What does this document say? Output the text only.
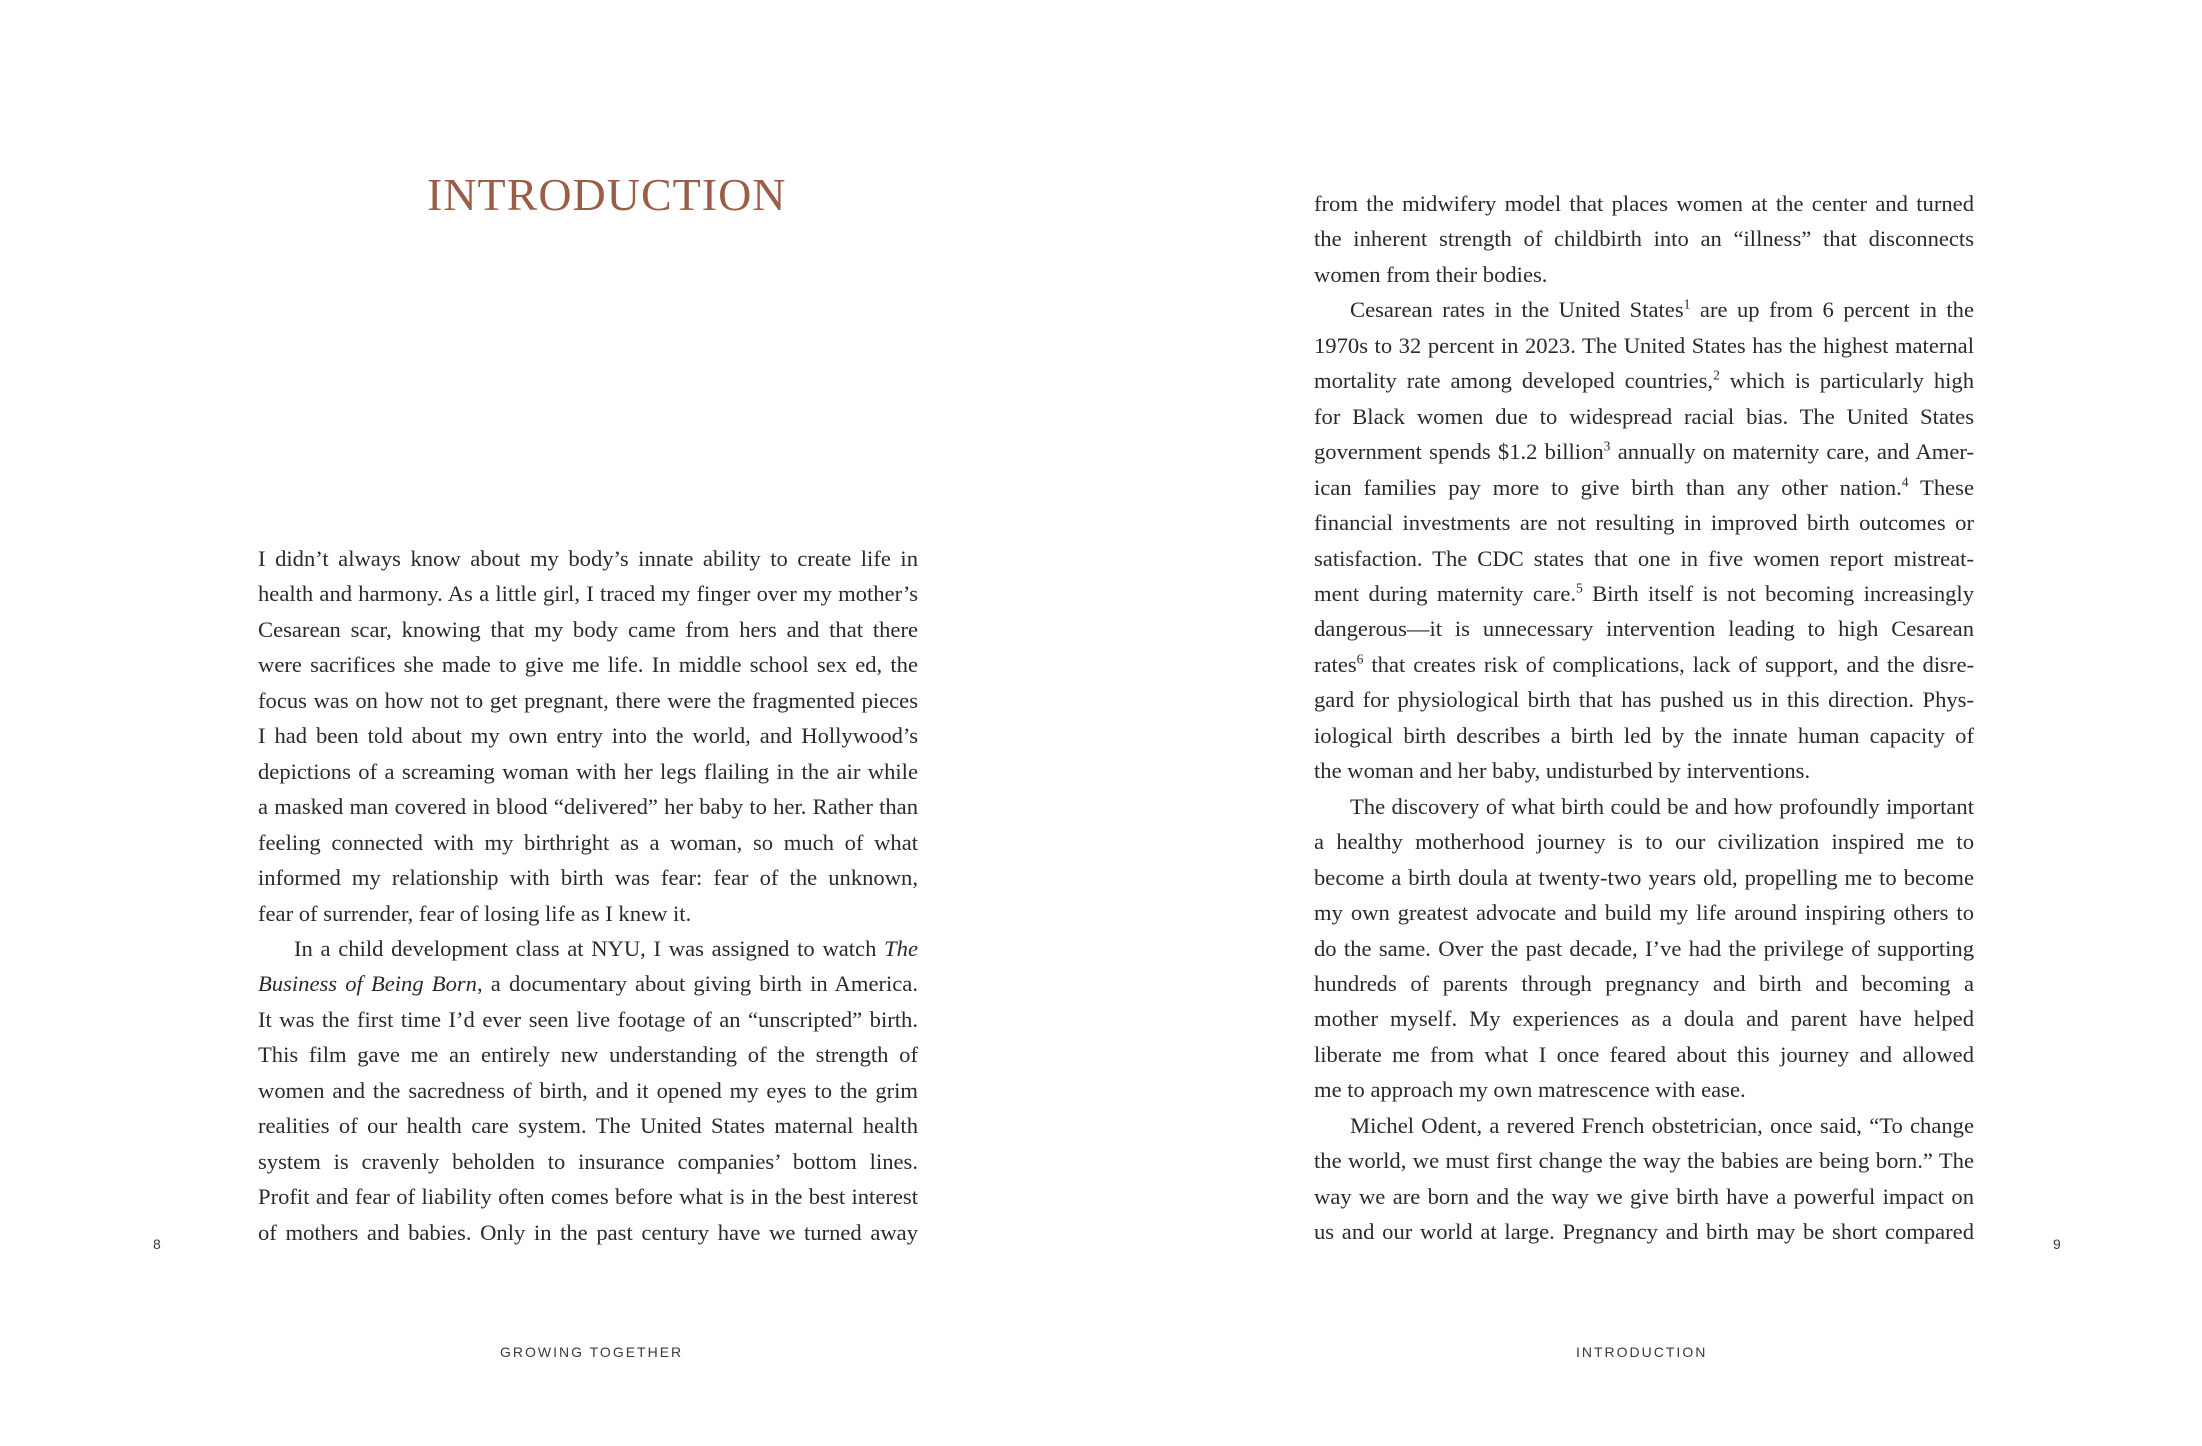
INTRODUCTION
I didn’t always know about my body’s innate ability to create life in
health and harmony. As a little girl, I traced my finger over my mother’s
Cesarean scar, knowing that my body came from hers and that there
were sacrifices she made to give me life. In middle school sex ed, the
focus was on how not to get pregnant, there were the fragmented pieces
I had been told about my own entry into the world, and Hollywood’s
depictions of a screaming woman with her legs flailing in the air while
a masked man covered in blood “delivered” her baby to her. Rather than
feeling connected with my birthright as a woman, so much of what
informed my relationship with birth was fear: fear of the unknown,
fear of surrender, fear of losing life as I knew it.
In a child development class at NYU, I was assigned to watch The
Business of Being Born, a documentary about giving birth in America.
It was the first time I’d ever seen live footage of an “unscripted” birth.
This film gave me an entirely new understanding of the strength of
women and the sacredness of birth, and it opened my eyes to the grim
realities of our health care system. The United States maternal health
system is cravenly beholden to insurance companies’ bottom lines.
Profit and fear of liability often comes before what is in the best interest
of mothers and babies. Only in the past century have we turned away

8

GROWING TOGETHER

from the midwifery model that places women at the center and turned
the inherent strength of childbirth into an “illness” that disconnects
women from their bodies.
Cesarean rates in the United States$^1$ are up from 6 percent in the
1970s to 32 percent in 2023. The United States has the highest maternal
mortality rate among developed countries,$^2$ which is particularly high
for Black women due to widespread racial bias. The United States
government spends $1.2 billion$^3$ annually on maternity care, and Amer-
ican families pay more to give birth than any other nation.$^4$ These
financial investments are not resulting in improved birth outcomes or
satisfaction. The CDC states that one in five women report mistreat-
ment during maternity care.$^5$ Birth itself is not becoming increasingly
dangerous—it is unnecessary intervention leading to high Cesarean
rates$^6$ that creates risk of complications, lack of support, and the disre-
gard for physiological birth that has pushed us in this direction. Phys-
iological birth describes a birth led by the innate human capacity of
the woman and her baby, undisturbed by interventions.
The discovery of what birth could be and how profoundly important
a healthy motherhood journey is to our civilization inspired me to
become a birth doula at twenty-two years old, propelling me to become
my own greatest advocate and build my life around inspiring others to
do the same. Over the past decade, I’ve had the privilege of supporting
hundreds of parents through pregnancy and birth and becoming a
mother myself. My experiences as a doula and parent have helped
liberate me from what I once feared about this journey and allowed
me to approach my own matrescence with ease.
Michel Odent, a revered French obstetrician, once said, “To change
the world, we must first change the way the babies are being born.” The
way we are born and the way we give birth have a powerful impact on
us and our world at large. Pregnancy and birth may be short compared	9

INTRODUCTION
